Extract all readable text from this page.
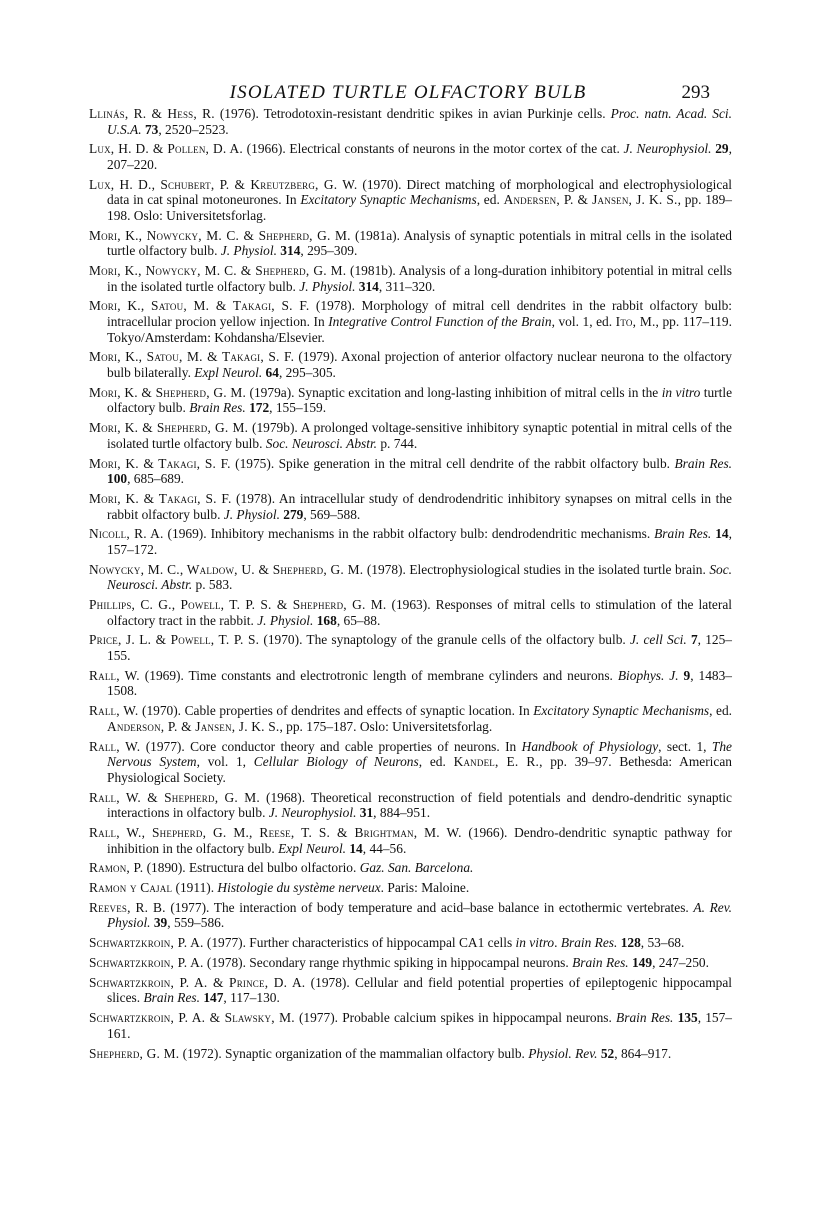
ISOLATED TURTLE OLFACTORY BULB	293

Llinás, R. & Hess, R. (1976). Tetrodotoxin-resistant dendritic spikes in avian Purkinje cells. Proc. natn. Acad. Sci. U.S.A. 73, 2520–2523.

Lux, H. D. & Pollen, D. A. (1966). Electrical constants of neurons in the motor cortex of the cat. J. Neurophysiol. 29, 207–220.

Lux, H. D., Schubert, P. & Kreutzberg, G. W. (1970). Direct matching of morphological and electrophysiological data in cat spinal motoneurones. In Excitatory Synaptic Mechanisms, ed. Andersen, P. & Jansen, J. K. S., pp. 189–198. Oslo: Universitetsforlag.

Mori, K., Nowycky, M. C. & Shepherd, G. M. (1981a). Analysis of synaptic potentials in mitral cells in the isolated turtle olfactory bulb. J. Physiol. 314, 295–309.

Mori, K., Nowycky, M. C. & Shepherd, G. M. (1981b). Analysis of a long-duration inhibitory potential in mitral cells in the isolated turtle olfactory bulb. J. Physiol. 314, 311–320.

Mori, K., Satou, M. & Takagi, S. F. (1978). Morphology of mitral cell dendrites in the rabbit olfactory bulb: intracellular procion yellow injection. In Integrative Control Function of the Brain, vol. 1, ed. Ito, M., pp. 117–119. Tokyo/Amsterdam: Kohdansha/Elsevier.

Mori, K., Satou, M. & Takagi, S. F. (1979). Axonal projection of anterior olfactory nuclear neurona to the olfactory bulb bilaterally. Expl Neurol. 64, 295–305.

Mori, K. & Shepherd, G. M. (1979a). Synaptic excitation and long-lasting inhibition of mitral cells in the in vitro turtle olfactory bulb. Brain Res. 172, 155–159.

Mori, K. & Shepherd, G. M. (1979b). A prolonged voltage-sensitive inhibitory synaptic potential in mitral cells of the isolated turtle olfactory bulb. Soc. Neurosci. Abstr. p. 744.

Mori, K. & Takagi, S. F. (1975). Spike generation in the mitral cell dendrite of the rabbit olfactory bulb. Brain Res. 100, 685–689.

Mori, K. & Takagi, S. F. (1978). An intracellular study of dendrodendritic inhibitory synapses on mitral cells in the rabbit olfactory bulb. J. Physiol. 279, 569–588.

Nicoll, R. A. (1969). Inhibitory mechanisms in the rabbit olfactory bulb: dendrodendritic mechanisms. Brain Res. 14, 157–172.

Nowycky, M. C., Waldow, U. & Shepherd, G. M. (1978). Electrophysiological studies in the isolated turtle brain. Soc. Neurosci. Abstr. p. 583.

Phillips, C. G., Powell, T. P. S. & Shepherd, G. M. (1963). Responses of mitral cells to stimulation of the lateral olfactory tract in the rabbit. J. Physiol. 168, 65–88.

Price, J. L. & Powell, T. P. S. (1970). The synaptology of the granule cells of the olfactory bulb. J. cell Sci. 7, 125–155.

Rall, W. (1969). Time constants and electrotronic length of membrane cylinders and neurons. Biophys. J. 9, 1483–1508.

Rall, W. (1970). Cable properties of dendrites and effects of synaptic location. In Excitatory Synaptic Mechanisms, ed. Anderson, P. & Jansen, J. K. S., pp. 175–187. Oslo: Universitetsforlag.

Rall, W. (1977). Core conductor theory and cable properties of neurons. In Handbook of Physiology, sect. 1, The Nervous System, vol. 1, Cellular Biology of Neurons, ed. Kandel, E. R., pp. 39–97. Bethesda: American Physiological Society.

Rall, W. & Shepherd, G. M. (1968). Theoretical reconstruction of field potentials and dendro-dendritic synaptic interactions in olfactory bulb. J. Neurophysiol. 31, 884–951.

Rall, W., Shepherd, G. M., Reese, T. S. & Brightman, M. W. (1966). Dendro-dendritic synaptic pathway for inhibition in the olfactory bulb. Expl Neurol. 14, 44–56.

Ramon, P. (1890). Estructura del bulbo olfactorio. Gaz. San. Barcelona.

Ramon y Cajal (1911). Histologie du système nerveux. Paris: Maloine.

Reeves, R. B. (1977). The interaction of body temperature and acid–base balance in ectothermic vertebrates. A. Rev. Physiol. 39, 559–586.

Schwartzkroin, P. A. (1977). Further characteristics of hippocampal CA1 cells in vitro. Brain Res. 128, 53–68.

Schwartzkroin, P. A. (1978). Secondary range rhythmic spiking in hippocampal neurons. Brain Res. 149, 247–250.

Schwartzkroin, P. A. & Prince, D. A. (1978). Cellular and field potential properties of epileptogenic hippocampal slices. Brain Res. 147, 117–130.

Schwartzkroin, P. A. & Slawsky, M. (1977). Probable calcium spikes in hippocampal neurons. Brain Res. 135, 157–161.

Shepherd, G. M. (1972). Synaptic organization of the mammalian olfactory bulb. Physiol. Rev. 52, 864–917.
